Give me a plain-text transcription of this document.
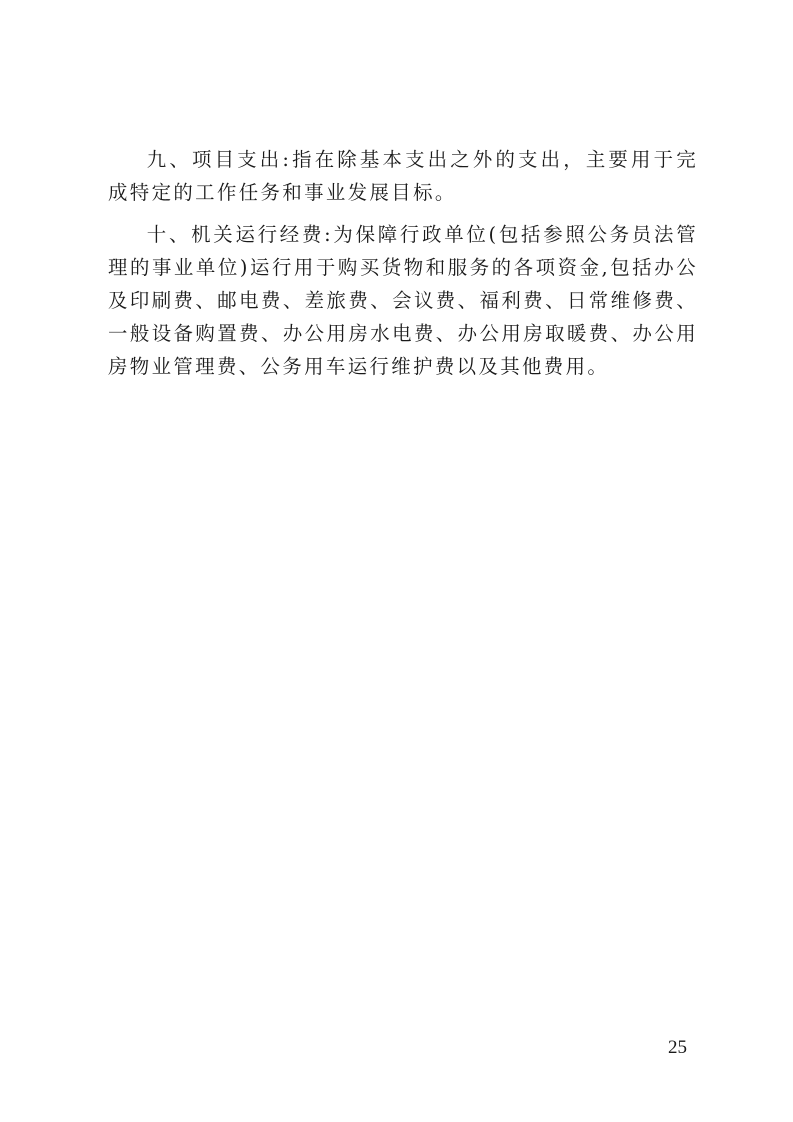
九、项目支出:指在除基本支出之外的支出，主要用于完成特定的工作任务和事业发展目标。

十、机关运行经费:为保障行政单位(包括参照公务员法管理的事业单位)运行用于购买货物和服务的各项资金,包括办公及印刷费、邮电费、差旅费、会议费、福利费、日常维修费、一般设备购置费、办公用房水电费、办公用房取暖费、办公用房物业管理费、公务用车运行维护费以及其他费用。

25
